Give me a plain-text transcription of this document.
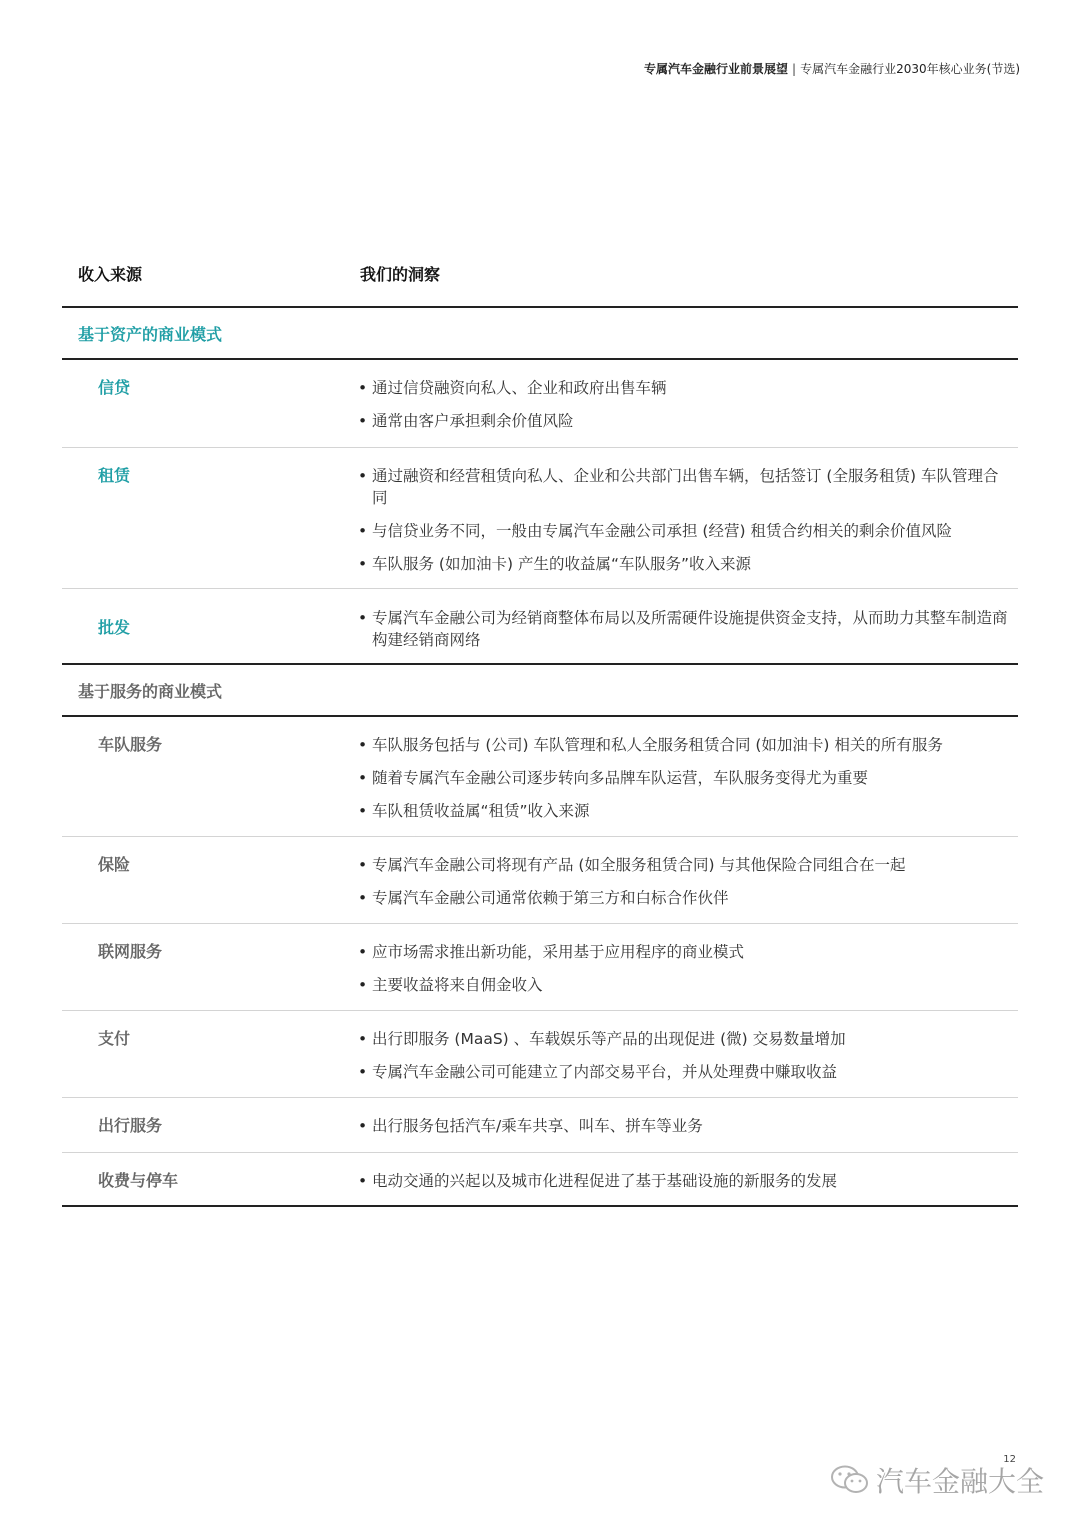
专属汽车金融行业前景展望 | 专属汽车金融行业2030年核心业务(节选)
收入来源	我们的洞察
基于资产的商业模式
信贷	• 通过信贷融资向私人、企业和政府出售车辆
• 通常由客户承担剩余价值风险
租赁	• 通过融资和经营租赁向私人、企业和公共部门出售车辆，包括签订 (全服务租赁) 车队管理合同
• 与信贷业务不同，一般由专属汽车金融公司承担 (经营) 租赁合约相关的剩余价值风险
• 车队服务 (如加油卡) 产生的收益属“车队服务”收入来源
批发	• 专属汽车金融公司为经销商整体布局以及所需硬件设施提供资金支持，从而助力其整车制造商构建经销商网络
基于服务的商业模式
车队服务	• 车队服务包括与 (公司) 车队管理和私人全服务租赁合同 (如加油卡) 相关的所有服务
• 随着专属汽车金融公司逐步转向多品牌车队运营，车队服务变得尤为重要
• 车队租赁收益属“租赁”收入来源
保险	• 专属汽车金融公司将现有产品 (如全服务租赁合同) 与其他保险合同组合在一起
• 专属汽车金融公司通常依赖于第三方和白标合作伙伴
联网服务	• 应市场需求推出新功能，采用基于应用程序的商业模式
• 主要收益将来自佣金收入
支付	• 出行即服务 (MaaS) 、车载娱乐等产品的出现促进 (微) 交易数量增加
• 专属汽车金融公司可能建立了内部交易平台，并从处理费中赚取收益
出行服务	• 出行服务包括汽车/乘车共享、叫车、拼车等业务
收费与停车	• 电动交通的兴起以及城市化进程促进了基于基础设施的新服务的发展
汽车金融大全
12
